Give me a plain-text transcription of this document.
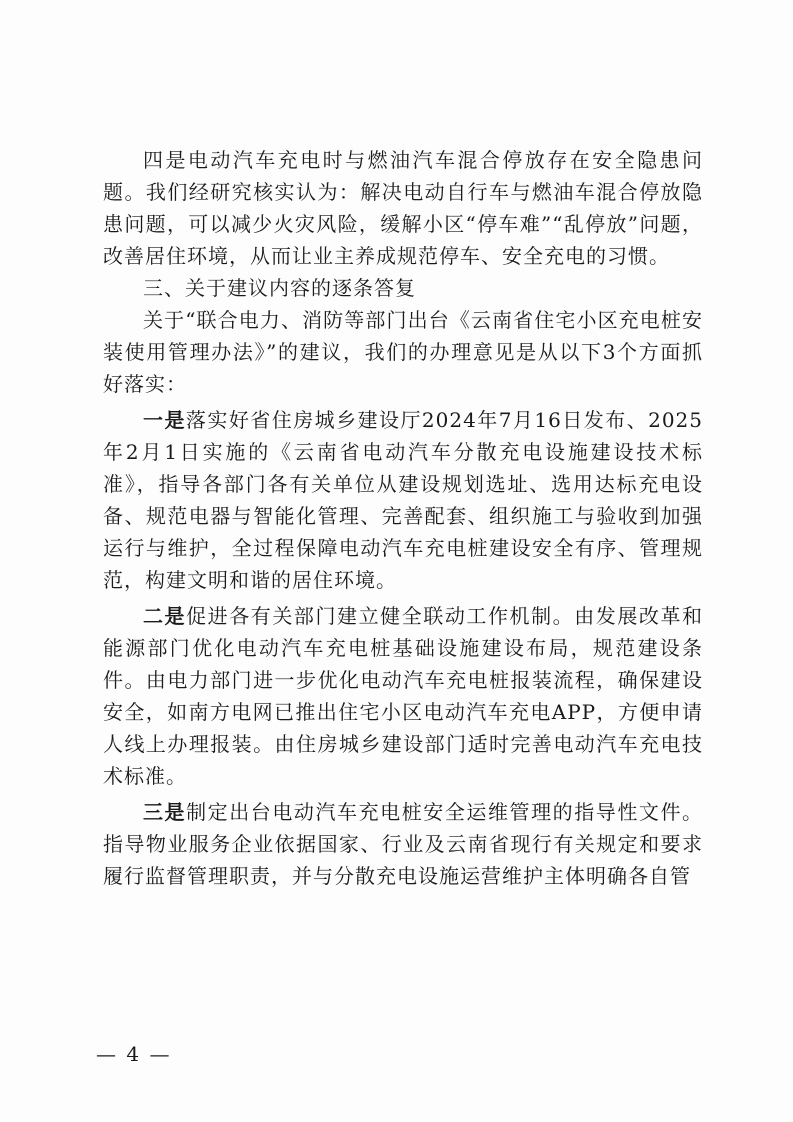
四是电动汽车充电时与燃油汽车混合停放存在安全隐患问题。我们经研究核实认为：解决电动自行车与燃油车混合停放隐患问题，可以减少火灾风险，缓解小区“停车难”“乱停放”问题，改善居住环境，从而让业主养成规范停车、安全充电的习惯。

三、关于建议内容的逐条答复

关于“联合电力、消防等部门出台《云南省住宅小区充电桩安装使用管理办法》”的建议，我们的办理意见是从以下3个方面抓好落实：

一是落实好省住房城乡建设厅2024年7月16日发布、2025年2月1日实施的《云南省电动汽车分散充电设施建设技术标准》，指导各部门各有关单位从建设规划选址、选用达标充电设备、规范电器与智能化管理、完善配套、组织施工与验收到加强运行与维护，全过程保障电动汽车充电桩建设安全有序、管理规范，构建文明和谐的居住环境。

二是促进各有关部门建立健全联动工作机制。由发展改革和能源部门优化电动汽车充电桩基础设施建设布局，规范建设条件。由电力部门进一步优化电动汽车充电桩报装流程，确保建设安全，如南方电网已推出住宅小区电动汽车充电APP，方便申请人线上办理报装。由住房城乡建设部门适时完善电动汽车充电技术标准。

三是制定出台电动汽车充电桩安全运维管理的指导性文件。指导物业服务企业依据国家、行业及云南省现行有关规定和要求履行监督管理职责，并与分散充电设施运营维护主体明确各自管

— 4 —
